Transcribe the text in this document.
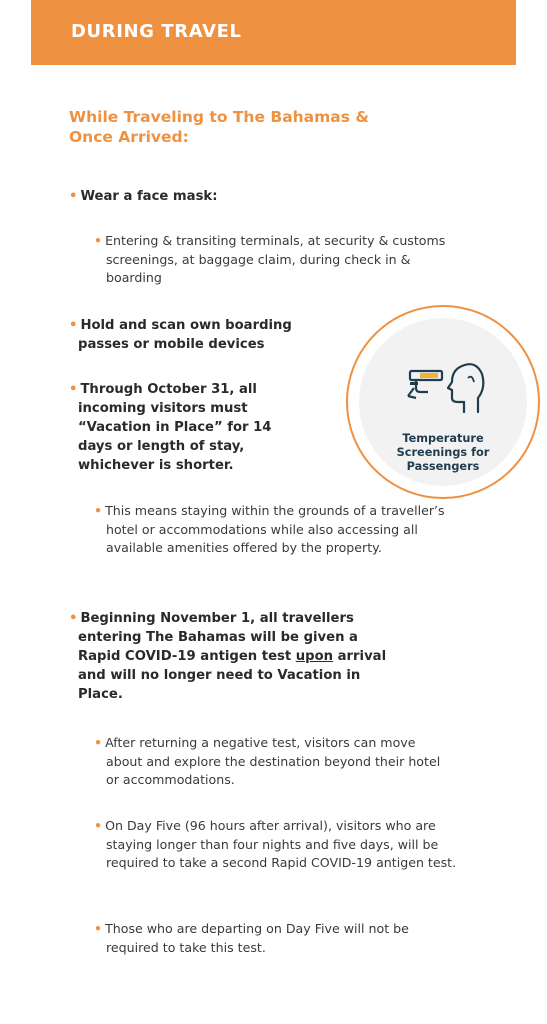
DURING TRAVEL
While Traveling to The Bahamas & Once Arrived:
• Wear a face mask:
• Entering & transiting terminals, at security & customs screenings, at baggage claim, during check in & boarding
• Hold and scan own boarding passes or mobile devices
• Through October 31, all incoming visitors must “Vacation in Place” for 14 days or length of stay, whichever is shorter.
• This means staying within the grounds of a traveller’s hotel or accommodations while also accessing all available amenities offered by the property.
• Beginning November 1, all travellers entering The Bahamas will be given a Rapid COVID-19 antigen test upon arrival and will no longer need to Vacation in Place.
• After returning a negative test, visitors can move about and explore the destination beyond their hotel or accommodations.
• On Day Five (96 hours after arrival), visitors who are staying longer than four nights and five days, will be required to take a second Rapid COVID-19 antigen test.
• Those who are departing on Day Five will not be required to take this test.
Temperature Screenings for Passengers
